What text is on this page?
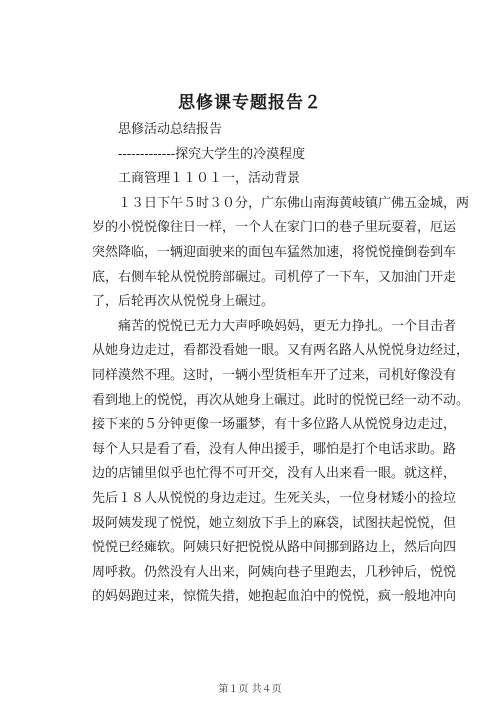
思修课专题报告２
思修活动总结报告
-------------探究大学生的冷漠程度
工商管理１１０１一，活动背景
１３日下午５时３０分，广东佛山南海黄岐镇广佛五金城，两
岁的小悦悦像往日一样，一个人在家门口的巷子里玩耍着，厄运
突然降临，一辆迎面驶来的面包车猛然加速，将悦悦撞倒卷到车
底，右侧车轮从悦悦胯部碾过。司机停了一下车，又加油门开走
了，后轮再次从悦悦身上碾过。
痛苦的悦悦已无力大声呼唤妈妈，更无力挣扎。一个目击者
从她身边走过，看都没看她一眼。又有两名路人从悦悦身边经过，
同样漠然不理。这时，一辆小型货柜车开了过来，司机好像没有
看到地上的悦悦，再次从她身上碾过。此时的悦悦已经一动不动。
接下来的５分钟更像一场噩梦，有十多位路人从悦悦身边走过，
每个人只是看了看，没有人伸出援手，哪怕是打个电话求助。路
边的店铺里似乎也忙得不可开交，没有人出来看一眼。就这样，
先后１８人从悦悦的身边走过。生死关头，一位身材矮小的捡垃
圾阿姨发现了悦悦，她立刻放下手上的麻袋，试图扶起悦悦，但
悦悦已经瘫软。阿姨只好把悦悦从路中间挪到路边上，然后向四
周呼救。仍然没有人出来，阿姨向巷子里跑去，几秒钟后，悦悦
的妈妈跑过来，惊慌失措，她抱起血泊中的悦悦，疯一般地冲向
第１页 共４页
